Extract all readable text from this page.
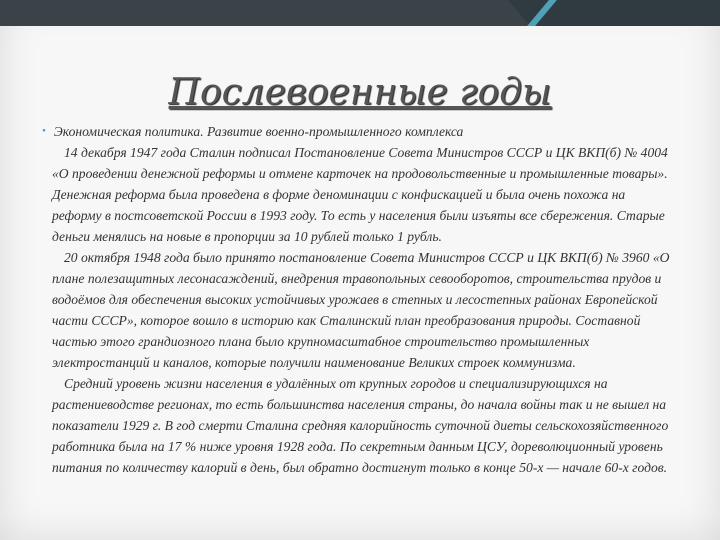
Послевоенные годы
• Экономическая политика. Развитие военно-промышленного комплекса

14 декабря 1947 года Сталин подписал Постановление Совета Министров СССР и ЦК ВКП(б) № 4004 «О проведении денежной реформы и отмене карточек на продовольственные и промышленные товары». Денежная реформа была проведена в форме деноминации с конфискацией и была очень похожа на реформу в постсоветской России в 1993 году. То есть у населения были изъяты все сбережения. Старые деньги менялись на новые в пропорции за 10 рублей только 1 рубль.

20 октября 1948 года было принято постановление Совета Министров СССР и ЦК ВКП(б) № 3960 «О плане полезащитных лесонасаждений, внедрения травопольных севооборотов, строительства прудов и водоёмов для обеспечения высоких устойчивых урожаев в степных и лесостепных районах Европейской части СССР», которое вошло в историю как Сталинский план преобразования природы. Составной частью этого грандиозного плана было крупномасштабное строительство промышленных электростанций и каналов, которые получили наименование Великих строек коммунизма.

Средний уровень жизни населения в удалённых от крупных городов и специализирующихся на растениеводстве регионах, то есть большинства населения страны, до начала войны так и не вышел на показатели 1929 г. В год смерти Сталина средняя калорийность суточной диеты сельскохозяйственного работника была на 17 % ниже уровня 1928 года. По секретным данным ЦСУ, дореволюционный уровень питания по количеству калорий в день, был обратно достигнут только в конце 50-х — начале 60-х годов.
